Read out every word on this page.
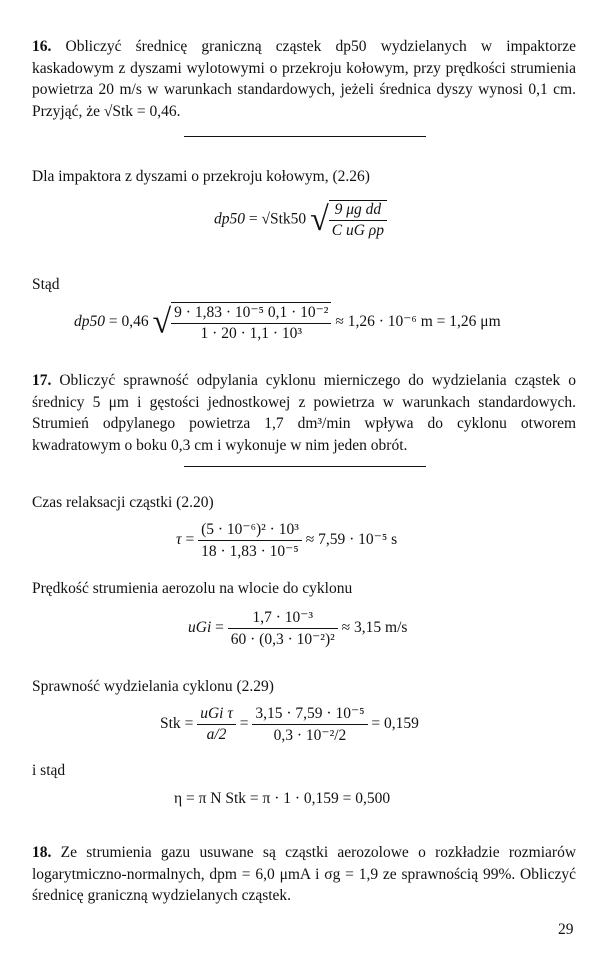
16. Obliczyć średnicę graniczną cząstek dp50 wydzielanych w impaktorze kaskadowym z dyszami wylotowymi o przekroju kołowym, przy prędkości strumienia powietrza 20 m/s w warunkach standardowych, jeżeli średnica dyszy wynosi 0,1 cm. Przyjąć, że √Stk = 0,46.

Dla impaktora z dyszami o przekroju kołowym, (2.26)

dp50 = √Stk50 √ $\frac{\text{9 μg dd}}{\text{C uG ρp}}$

Stąd

dp50 = 0,46 √ $\frac{\text{9 · 1,83 · 10⁻⁵ 0,1 · 10⁻²}}{\text{1 · 20 · 1,1 · 10³}} \approx 1,26 \cdot 10^{-6}$ m = 1,26 μm

17. Obliczyć sprawność odpylania cyklonu mierniczego do wydzielania cząstek o średnicy 5 μm i gęstości jednostkowej z powietrza w warunkach standardowych. Strumień odpylanego powietrza 1,7 dm³/min wpływa do cyklonu otworem kwadratowym o boku 0,3 cm i wykonuje w nim jeden obrót.

Czas relaksacji cząstki (2.20)

$\tau = \frac{\text{(5 · 10⁻⁶)² · 10³}}{\text{18 · 1,83 · 10⁻⁵}} \approx 7,59 \cdot 10^{-5}$ s

Prędkość strumienia aerozolu na wlocie do cyklonu

uGi = $\frac{\text{1,7 · 10⁻³}}{\text{60 · (0,3 · 10⁻²)²}} \approx 3,15$ m/s

Sprawność wydzielania cyklonu (2.29)

Stk = $\frac{\text{uGi τ}}{a/2} = \frac{\text{3,15 · 7,59 · 10⁻⁵}}{\text{0,3 · 10⁻²/2}} = 0,159$

i stąd

η = π N Stk = π · 1 · 0,159 = 0,500

18. Ze strumienia gazu usuwane są cząstki aerozolowe o rozkładzie rozmiarów logarytmiczno-normalnych, dpm = 6,0 μmA i σg = 1,9 ze sprawnością 99%. Obliczyć średnicę graniczną wydzielanych cząstek.

29
